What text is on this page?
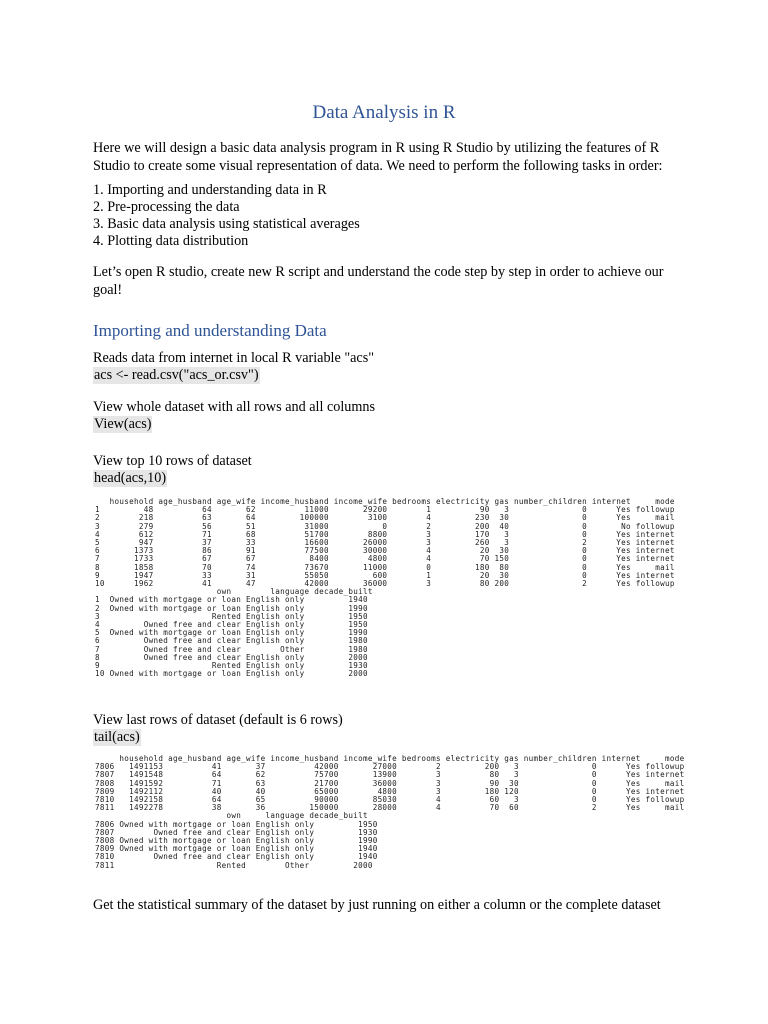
Data Analysis in R

Here we will design a basic data analysis program in R using R Studio by utilizing the features of R Studio to create some visual representation of data. We need to perform the following tasks in order:

1. Importing and understanding data in R
2. Pre-processing the data
3. Basic data analysis using statistical averages
4. Plotting data distribution

Let’s open R studio, create new R script and understand the code step by step in order to achieve our goal!

Importing and understanding Data

Reads data from internet in local R variable "acs"

acs <- read.csv("acs_or.csv")

View whole dataset with all rows and all columns

View(acs)

View top 10 rows of dataset

head(acs,10)
household age_husband age_wife income_husband income_wife bedrooms electricity gas number_children internet     mode
1         48          64       62          11000       29200        1          90   3               0      Yes followup
2        218          63       64         100000        3100        4         230  30               0      Yes     mail
3        279          56       51          31000           0        2         200  40               0       No followup
4        612          71       68          51700        8800        3         170   3               0      Yes internet
5        947          37       33          16600       26000        3         260   3               2      Yes internet
6       1373          86       91          77500       30000        4          20  30               0      Yes internet
7       1733          67       67           8400        4800        4          70 150               0      Yes internet
8       1858          70       74          73670       11000        0         180  80               0      Yes     mail
9       1947          33       31          55050         600        1          20  30               0      Yes internet
10      1962          41       47          42000       36000        3          80 200               2      Yes followup
own        language decade_built
1  Owned with mortgage or loan English only         1940
2  Owned with mortgage or loan English only         1990
3                       Rented English only         1950
4         Owned free and clear English only         1950
5  Owned with mortgage or loan English only         1990
6         Owned free and clear English only         1980
7         Owned free and clear        Other         1980
8         Owned free and clear English only         2000
9                       Rented English only         1930
10 Owned with mortgage or loan English only         2000

View last rows of dataset (default is 6 rows)

tail(acs)
household age_husband age_wife income_husband income_wife bedrooms electricity gas number_children internet     mode
7806   1491153          41       37          42000       27000        2         200   3               0      Yes followup
7807   1491548          64       62          75700       13900        3          80   3               0      Yes internet
7808   1491592          71       63          21700       36000        3          90  30               0      Yes     mail
7809   1492112          40       40          65000        4800        3         180 120               0      Yes internet
7810   1492158          64       65          90000       85030        4          60   3               0      Yes followup
7811   1492278          38       36         150000       28000        4          70  60               2      Yes     mail
own     language decade_built
7806 Owned with mortgage or loan English only         1950
7807        Owned free and clear English only         1930
7808 Owned with mortgage or loan English only         1990
7809 Owned with mortgage or loan English only         1940
7810        Owned free and clear English only         1940
7811                     Rented        Other         2000

Get the statistical summary of the dataset by just running on either a column or the complete dataset
